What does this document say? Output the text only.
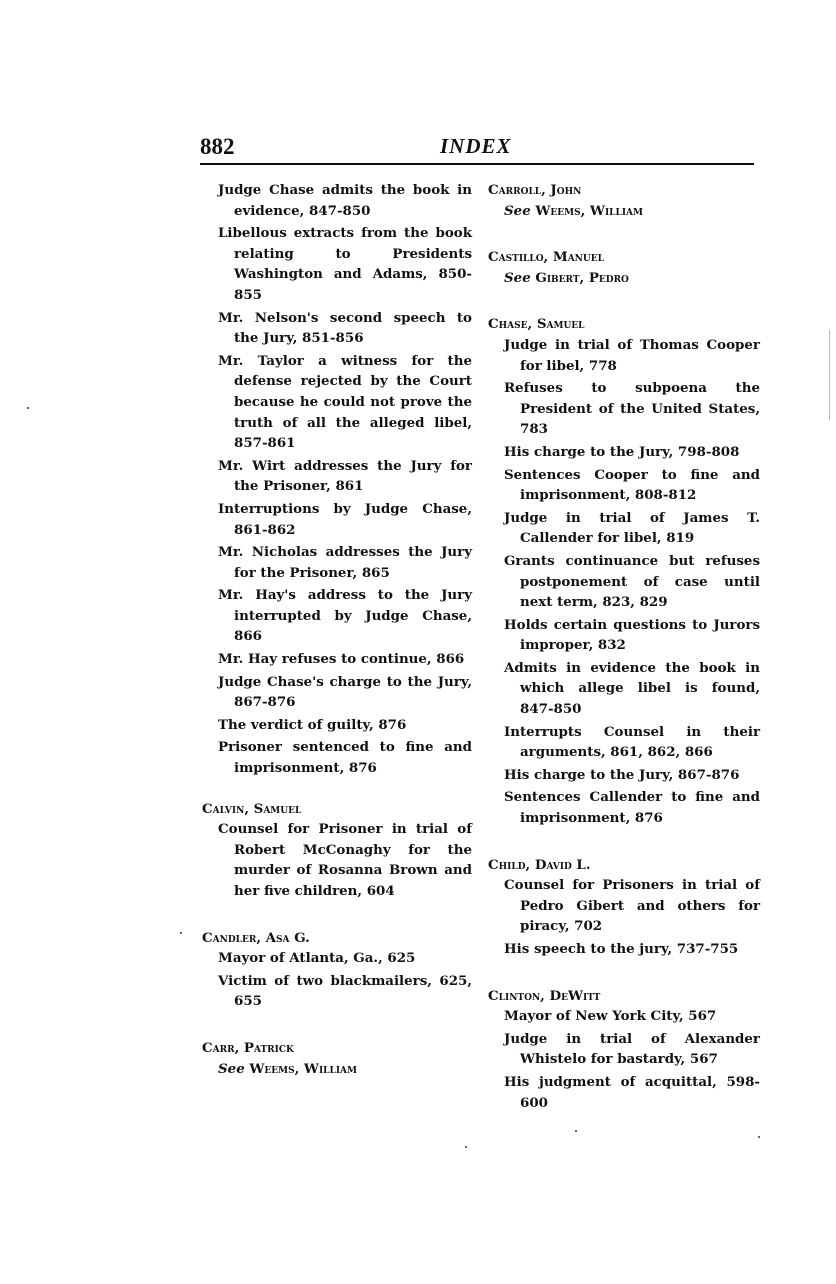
882	INDEX

Judge Chase admits the book in evidence, 847-850

Libellous extracts from the book relating to Presidents Washington and Adams, 850-855

Mr. Nelson's second speech to the Jury, 851-856

Mr. Taylor a witness for the defense rejected by the Court because he could not prove the truth of all the alleged libel, 857-861

Mr. Wirt addresses the Jury for the Prisoner, 861

Interruptions by Judge Chase, 861-862

Mr. Nicholas addresses the Jury for the Prisoner, 865

Mr. Hay's address to the Jury interrupted by Judge Chase, 866

Mr. Hay refuses to continue, 866

Judge Chase's charge to the Jury, 867-876

The verdict of guilty, 876

Prisoner sentenced to fine and imprisonment, 876

Calvin, Samuel

Counsel for Prisoner in trial of Robert McConaghy for the murder of Rosanna Brown and her five children, 604

Candler, Asa G.

Mayor of Atlanta, Ga., 625

Victim of two blackmailers, 625, 655

Carr, Patrick
See Weems, William
Carroll, John
See Weems, William
Castillo, Manuel
See Gibert, Pedro
Chase, Samuel

Judge in trial of Thomas Cooper for libel, 778

Refuses to subpoena the President of the United States, 783

His charge to the Jury, 798-808

Sentences Cooper to fine and imprisonment, 808-812

Judge in trial of James T. Callender for libel, 819

Grants continuance but refuses postponement of case until next term, 823, 829

Holds certain questions to Jurors improper, 832

Admits in evidence the book in which allege libel is found, 847-850

Interrupts Counsel in their arguments, 861, 862, 866

His charge to the Jury, 867-876

Sentences Callender to fine and imprisonment, 876

Child, David L.

Counsel for Prisoners in trial of Pedro Gibert and others for piracy, 702

His speech to the jury, 737-755

Clinton, DeWitt

Mayor of New York City, 567

Judge in trial of Alexander Whistelo for bastardy, 567

His judgment of acquittal, 598-600
